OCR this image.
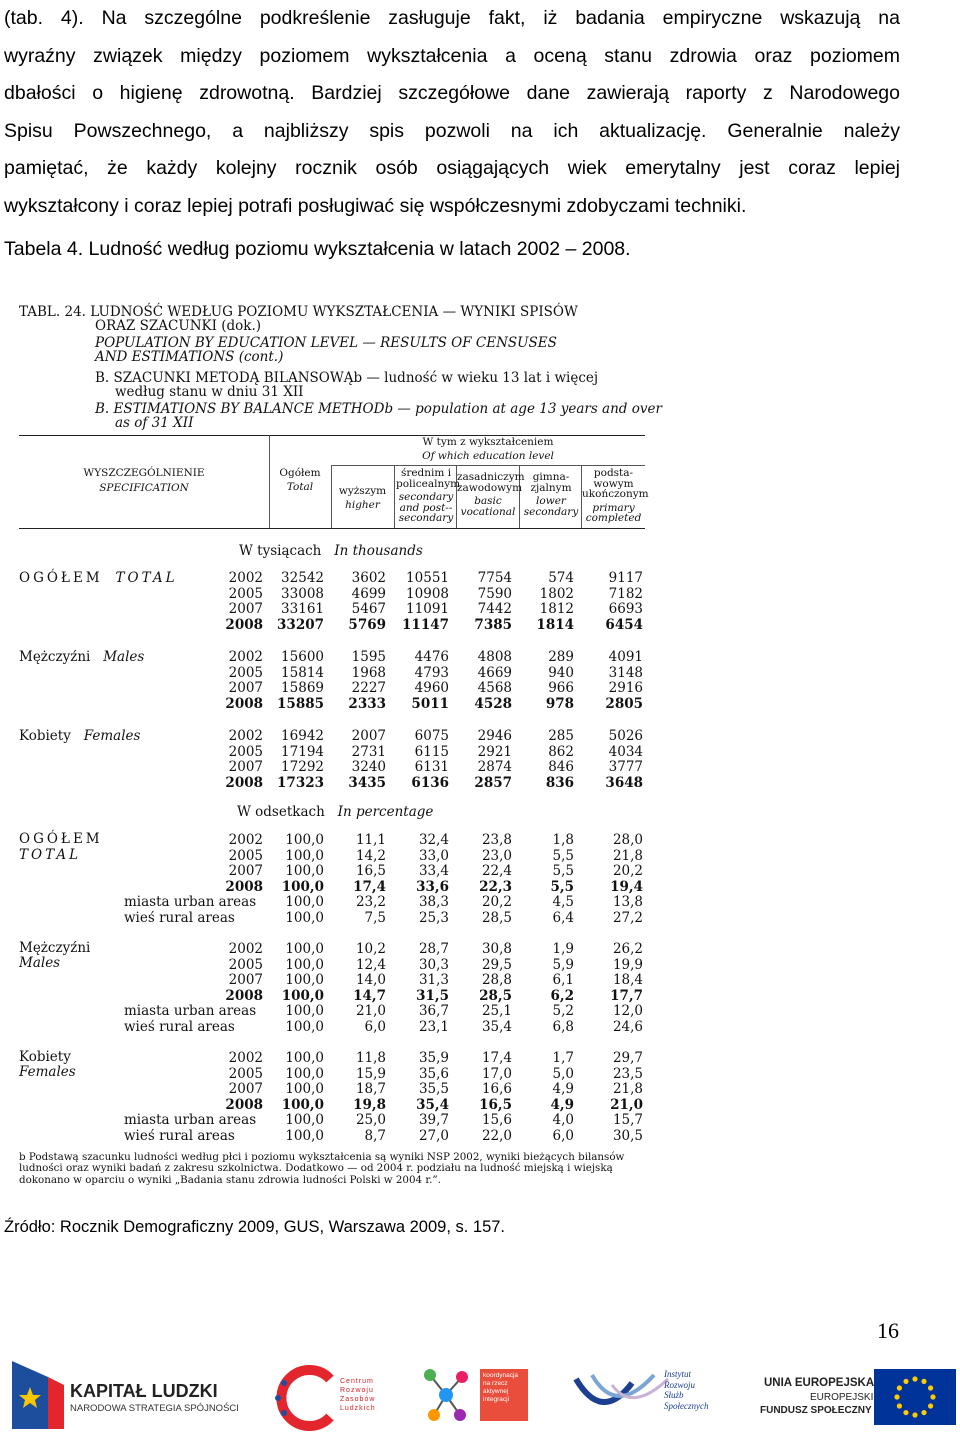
(tab. 4). Na szczególne podkreślenie zasługuje fakt, iż badania empiryczne wskazują na
wyraźny związek między poziomem wykształcenia a oceną stanu zdrowia oraz poziomem
dbałości o higienę zdrowotną. Bardziej szczegółowe dane zawierają raporty z Narodowego
Spisu Powszechnego, a najbliższy spis pozwoli na ich aktualizację. Generalnie należy
pamiętać, że każdy kolejny rocznik osób osiągających wiek emerytalny jest coraz lepiej
wykształcony i coraz lepiej potrafi posługiwać się współczesnymi zdobyczami techniki.

Tabela 4. Ludność według poziomu wykształcenia w latach 2002 – 2008.
TABL. 24. LUDNOŚĆ WEDŁUG POZIOMU WYKSZTAŁCENIA — WYNIKI SPISÓW
ORAZ SZACUNKI (dok.)
POPULATION BY EDUCATION LEVEL — RESULTS OF CENSUSES
AND ESTIMATIONS (cont.)
B. SZACUNKI METODĄ BILANSOWĄb — ludność w wieku 13 lat i więcej
według stanu w dniu 31 XII
B. ESTIMATIONS BY BALANCE METHODb — population at age 13 years and over
as of 31 XII
WYSZCZEGÓLNIENIE
SPECIFICATION
Ogółem
Total
W tym z wykształceniem
Of which education level
wyższym
higher
średnim i policealnym
secondary and post--secondary
zasadniczym zawodowym
basic vocational
gimna-zjalnym
lower secondary
podsta-wowym ukończonym
primary completed
W tysiącach In thousands
W odsetkach In percentage
b Podstawą szacunku ludności według płci i poziomu wykształcenia są wyniki NSP 2002, wyniki bieżących bilansów ludności oraz wyniki badań z zakresu szkolnictwa. Dodatkowo — od 2004 r. podziału na ludność miejską i wiejską dokonano w oparciu o wyniki „Badania stanu zdrowia ludności Polski w 2004 r.”.
OGÓŁEM TOTAL	2002	32542	3602	10551	7754	574	9117
2005	33008	4699	10908	7590	1802	7182
2007	33161	5467	11091	7442	1812	6693
2008 33207	5769	11147	7385	1814	6454
Mężczyźni Males	2002	15600	1595	4476	4808	289	4091
2005	15814	1968	4793	4669	940	3148
2007	15869	2227	4960	4568	966	2916
2008 15885	2333	5011	4528	978	2805
Kobiety Females	2002	16942	2007	6075	2946	285	5026
2005	17194	2731	6115	2921	862	4034
2007	17292	3240	6131	2874	846	3777
2008 17323	3435	6136	2857	836	3648
OGÓŁEM
TOTAL
2002	100,0	11,1	32,4	23,8	1,8	28,0
2005	100,0	14,2	33,0	23,0	5,5	21,8
2007	100,0	16,5	33,4	22,4	5,5	20,2
2008	100,0	17,4	33,6	22,3	5,5	19,4
miasta urban areas	100,0	23,2	38,3	20,2	4,5	13,8
wieś rural areas	100,0	7,5	25,3	28,5	6,4	27,2
Mężczyźni
Males
2002	100,0	10,2	28,7	30,8	1,9	26,2
2005	100,0	12,4	30,3	29,5	5,9	19,9
2007	100,0	14,0	31,3	28,8	6,1	18,4
2008	100,0	14,7	31,5	28,5	6,2	17,7
miasta urban areas	100,0	21,0	36,7	25,1	5,2	12,0
wieś rural areas	100,0	6,0	23,1	35,4	6,8	24,6
Kobiety
Females
2002	100,0	11,8	35,9	17,4	1,7	29,7
2005	100,0	15,9	35,6	17,0	5,0	23,5
2007	100,0	18,7	35,5	16,6	4,9	21,8
2008	100,0	19,8	35,4	16,5	4,9	21,0
miasta urban areas	100,0	25,0	39,7	15,6	4,0	15,7
wieś rural areas	100,0	8,7	27,0	22,0	6,0	30,5
Źródło: Rocznik Demograficzny 2009, GUS, Warszawa 2009, s. 157.
16
KAPITAŁ LUDZKI
NARODOWA STRATEGIA SPÓJNOŚCI
Centrum Rozwoju Zasobów Ludzkich
koordynacja na rzecz aktywnej integracji
Instytut Rozwoju Służb Społecznych
UNIA EUROPEJSKA
EUROPEJSKI
FUNDUSZ SPOŁECZNY
